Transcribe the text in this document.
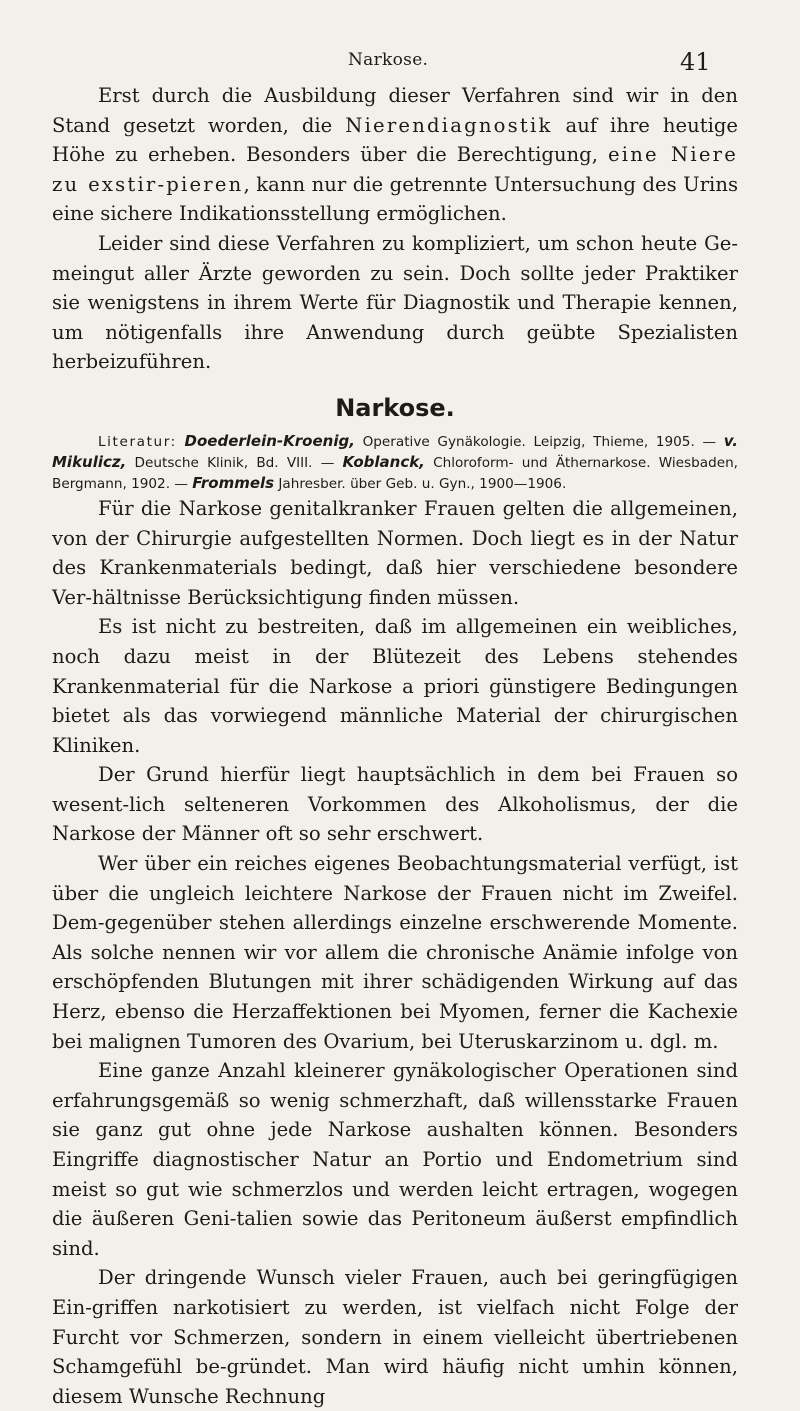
Narkose.	41

Erst durch die Ausbildung dieser Verfahren sind wir in den Stand gesetzt worden, die Nierendiagnostik auf ihre heutige Höhe zu erheben. Besonders über die Berechtigung, eine Niere zu exstir-pieren, kann nur die getrennte Untersuchung des Urins eine sichere Indikationsstellung ermöglichen.

Leider sind diese Verfahren zu kompliziert, um schon heute Ge-meingut aller Ärzte geworden zu sein. Doch sollte jeder Praktiker sie wenigstens in ihrem Werte für Diagnostik und Therapie kennen, um nötigenfalls ihre Anwendung durch geübte Spezialisten herbeizuführen.

Narkose.

Literatur: Doederlein-Kroenig, Operative Gynäkologie. Leipzig, Thieme, 1905. — v. Mikulicz, Deutsche Klinik, Bd. VIII. — Koblanck, Chloroform- und Äthernarkose. Wiesbaden, Bergmann, 1902. — Frommels Jahresber. über Geb. u. Gyn., 1900—1906.

Für die Narkose genitalkranker Frauen gelten die allgemeinen, von der Chirurgie aufgestellten Normen. Doch liegt es in der Natur des Krankenmaterials bedingt, daß hier verschiedene besondere Ver-hältnisse Berücksichtigung finden müssen.

Es ist nicht zu bestreiten, daß im allgemeinen ein weibliches, noch dazu meist in der Blütezeit des Lebens stehendes Krankenmaterial für die Narkose a priori günstigere Bedingungen bietet als das vorwiegend männliche Material der chirurgischen Kliniken.

Der Grund hierfür liegt hauptsächlich in dem bei Frauen so wesent-lich selteneren Vorkommen des Alkoholismus, der die Narkose der Männer oft so sehr erschwert.

Wer über ein reiches eigenes Beobachtungsmaterial verfügt, ist über die ungleich leichtere Narkose der Frauen nicht im Zweifel. Dem-gegenüber stehen allerdings einzelne erschwerende Momente. Als solche nennen wir vor allem die chronische Anämie infolge von erschöpfenden Blutungen mit ihrer schädigenden Wirkung auf das Herz, ebenso die Herzaffektionen bei Myomen, ferner die Kachexie bei malignen Tumoren des Ovarium, bei Uteruskarzinom u. dgl. m.

Eine ganze Anzahl kleinerer gynäkologischer Operationen sind erfahrungsgemäß so wenig schmerzhaft, daß willensstarke Frauen sie ganz gut ohne jede Narkose aushalten können. Besonders Eingriffe diagnostischer Natur an Portio und Endometrium sind meist so gut wie schmerzlos und werden leicht ertragen, wogegen die äußeren Geni-talien sowie das Peritoneum äußerst empfindlich sind.

Der dringende Wunsch vieler Frauen, auch bei geringfügigen Ein-griffen narkotisiert zu werden, ist vielfach nicht Folge der Furcht vor Schmerzen, sondern in einem vielleicht übertriebenen Schamgefühl be-gründet. Man wird häufig nicht umhin können, diesem Wunsche Rechnung
